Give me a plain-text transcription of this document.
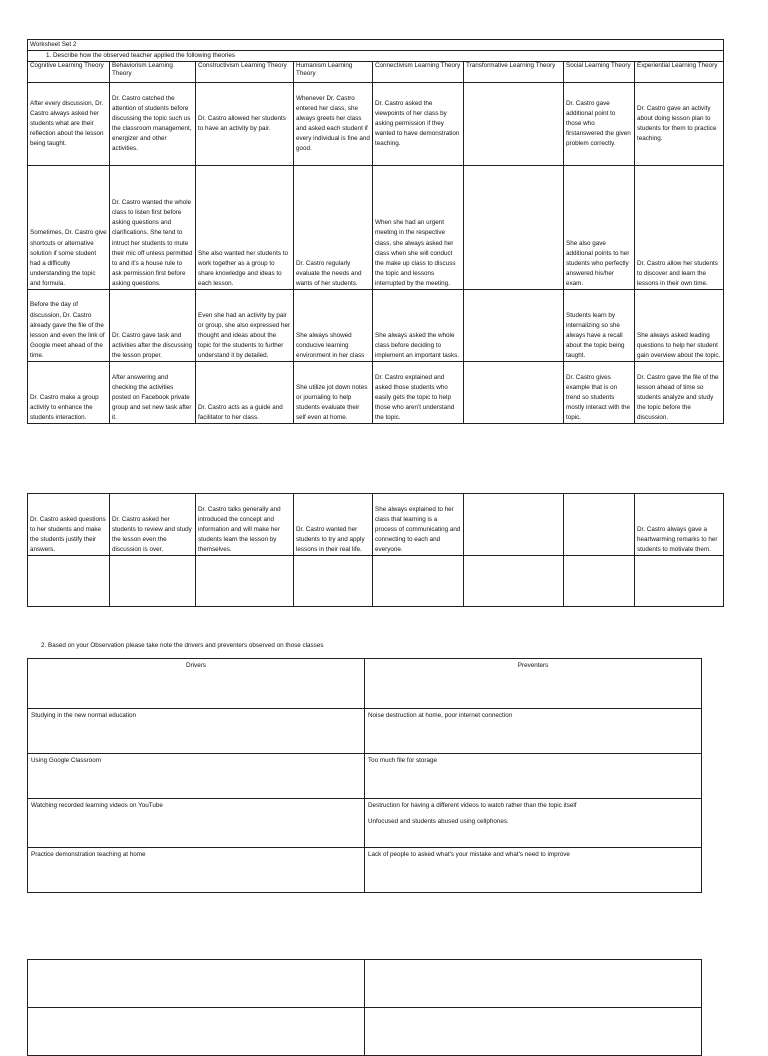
Worksheet Set 2							
1. Describe how the observed teacher applied the following theories							
Cognitive Learning Theory	Behaviorism Learning Theory	Constructivism Learning Theory	Humanism Learning Theory	Connectivism Learning Theory	Transformative Learning Theory	Social Learning Theory	Experiential Learning Theory
After every discussion, Dr. Castro always asked her students what are their reflection about the lesson being taught.	Dr. Castro catched the attention of students before discussing the topic such us the classroom management, energizer and other activities.	Dr. Castro allowed her students to have an activity by pair.	Whenever Dr. Castro entered her class, she always greets her class and asked each student if every individual is fine and good.	Dr. Castro asked the viewpoints of her class by asking permission if they wanted to have demonstration teaching.		Dr. Castro gave additional point to those who firstanswered the given problem correctly.	Dr. Castro gave an activity about doing lesson plan to students for them to practice teaching.
Sometimes, Dr. Castro give shortcuts or alternative solution if some student had a difficulty understanding the topic and formula.	Dr. Castro wanted the whole class to listen first before asking questions and clarifications. She tend to intruct her students to mute their mic off unless permitted to and it's a house rule to ask permission first before asking questions.	She also wanted her students to work together as a group to share knowledge and ideas to each lesson.	Dr. Castro regularly evaluate the needs and wants of her students.	When she had an urgent meeting in the respective class, she always asked her class when she will conduct the make up class to discuss the topic and lessons interrupted by the meeting.		She also gave additional points to her students who perfectly answered his/her exam.	Dr. Castro allow her students to discover and learn the lessons in their own time.
Before the day of discussion, Dr. Castro already gave the file of the lesson and even the link of Google meet ahead of the time.	Dr. Castro gave task and activities after the discussing the lesson proper.	Even she had an activity by pair or group, she also expressed her thought and ideas about the topic for the students to further understand it by detailed.	She always showed conducive learning environment in her class	She always asked the whole class before deciding to implement an important tasks.		Students learn by internalizing so she always have a recall about the topic being taught.	She always asked leading questions to help her student gain overview about the topic.
Dr. Castro make a group activity to enhance the students interaction.	After answering and checking the activities posted on Facebook private group and set new task after it.	Dr. Castro acts as a guide and facilitator to her class.	She utilize jot down notes or journaling to help students evaluate their self even at home.	Dr. Castro explained and asked those students who easily gets the topic to help those who aren't understand the topic.		Dr. Castro gives example that is on trend so students mostly interact with the topic.	Dr. Castro gave the file of the lesson ahead of time so students analyze and study the topic before the discussion.
Dr. Castro asked questions to her students and make the students justify their answers.	Dr. Castro asked her students to review and study the lesson even the discussion is over.	Dr. Castro talks generally and introduced the concept and information and will make her students learn the lesson by themselves.	Dr. Castro wanted her students to try and apply lessons in their real life.	She always explained to her class that learning is a process of communicating and connecting to each and everyone.			Dr. Castro always gave a heartwarming remarks to her students to motivate them.

2. Based on your Observation please take note the drivers and preventers observed on those classes
Drivers	Preventers
Studying in the new normal education	Noise destruction at home, poor internet connection

Using Google Classroom	Too much file for storage

Watching recorded learning videos on YouTube	Destruction for having a different videos to watch rather than the topic itself
Unfocused and students abused using cellphones.

Practice demonstration teaching at home	Lack of people to asked what's your mistake and what's need to improve
